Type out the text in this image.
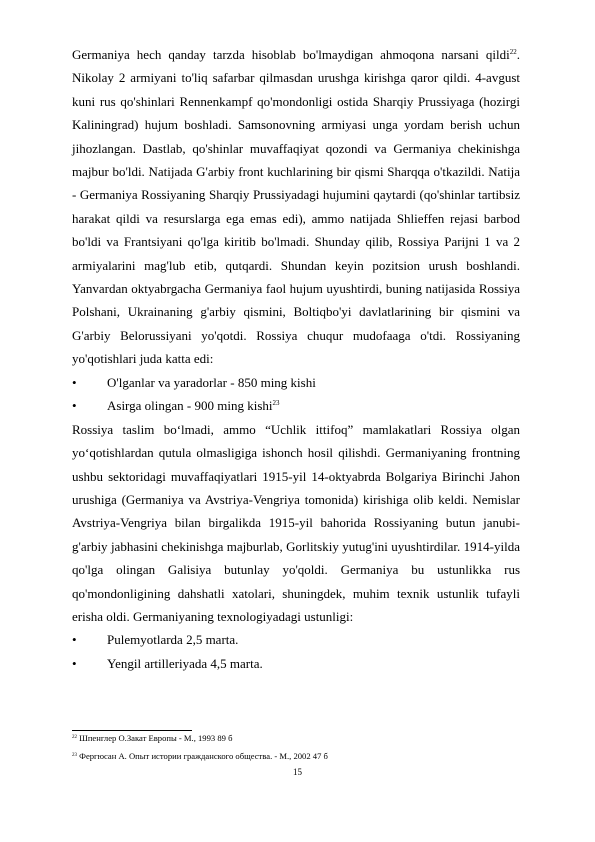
Germaniya hech qanday tarzda hisoblab bo'lmaydigan ahmoqona narsani qildi$^{22}$. Nikolay 2 armiyani to'liq safarbar qilmasdan urushga kirishga qaror qildi. 4-avgust kuni rus qo'shinlari Rennenkampf qo'mondonligi ostida Sharqiy Prussiyaga (hozirgi Kaliningrad) hujum boshladi. Samsonovning armiyasi unga yordam berish uchun jihozlangan. Dastlab, qo'shinlar muvaffaqiyat qozondi va Germaniya chekinishga majbur bo'ldi. Natijada G'arbiy front kuchlarining bir qismi Sharqqa o'tkazildi. Natija - Germaniya Rossiyaning Sharqiy Prussiyadagi hujumini qaytardi (qo'shinlar tartibsiz harakat qildi va resurslarga ega emas edi), ammo natijada Shlieffen rejasi barbod bo'ldi va Frantsiyani qo'lga kiritib bo'lmadi. Shunday qilib, Rossiya Parijni 1 va 2 armiyalarini mag'lub etib, qutqardi. Shundan keyin pozitsion urush boshlandi. Yanvardan oktyabrgacha Germaniya faol hujum uyushtirdi, buning natijasida Rossiya Polshani, Ukrainaning g'arbiy qismini, Boltiqbo'yi davlatlarining bir qismini va G'arbiy Belorussiyani yo'qotdi. Rossiya chuqur mudofaaga o'tdi. Rossiyaning yo'qotishlari juda katta edi:

• O'lganlar va yaradorlar - 850 ming kishi
• Asirga olingan - 900 ming kishi$^{23}$

Rossiya taslim bo‘lmadi, ammo “Uchlik ittifoq” mamlakatlari Rossiya olgan yo‘qotishlardan qutula olmasligiga ishonch hosil qilishdi. Germaniyaning frontning ushbu sektoridagi muvaffaqiyatlari 1915-yil 14-oktyabrda Bolgariya Birinchi Jahon urushiga (Germaniya va Avstriya-Vengriya tomonida) kirishiga olib keldi. Nemislar Avstriya-Vengriya bilan birgalikda 1915-yil bahorida Rossiyaning butun janubi-g'arbiy jabhasini chekinishga majburlab, Gorlitskiy yutug'ini uyushtirdilar. 1914-yilda qo'lga olingan Galisiya butunlay yo'qoldi. Germaniya bu ustunlikka rus qo'mondonligining dahshatli xatolari, shuningdek, muhim texnik ustunlik tufayli erisha oldi. Germaniyaning texnologiyadagi ustunligi:

• Pulemyotlarda 2,5 marta.
• Yengil artilleriyada 4,5 marta.
$^{22}$ Шпенглер О.Закат Европы - М., 1993 89 б
$^{23}$ Фергюсан А. Опыт истории гражданского общества. - М., 2002 47 б
15
